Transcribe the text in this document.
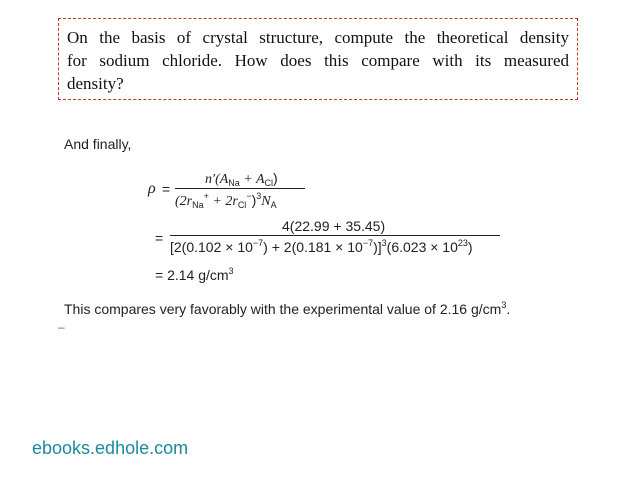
On the basis of crystal structure, compute the theoretical density
for sodium chloride. How does this compare with its measured
density?
And finally,
ρ =
$n'(A_{Na} + A_{Cl})$
$(2r_{Na}^+ + 2r_{Cl}^-)^3N_A$
=
4(22.99 + 35.45)
$[2(0.102 \times 10^{-7}) + 2(0.181 \times 10^{-7})]^3(6.023 \times 10^{23})$
= 2.14 $g/cm^3$
This compares very favorably with the experimental value of 2.16 $g/cm^3$.
–
ebooks.edhole.com
